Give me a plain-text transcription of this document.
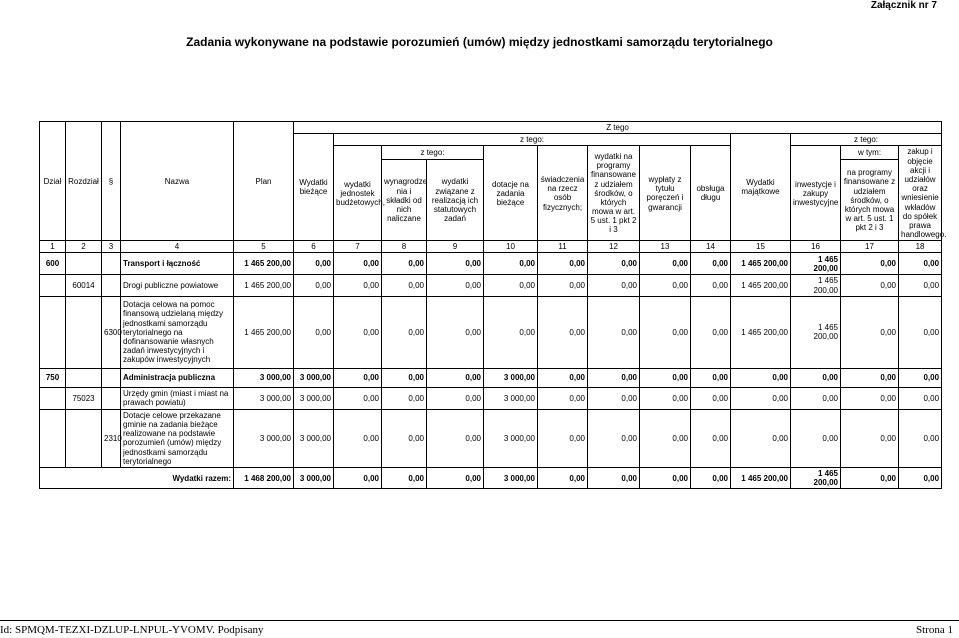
Załącznik nr 7
Zadania wykonywane na podstawie porozumień (umów) między jednostkami samorządu terytorialnego
Dział	Rozdział	§	Nazwa	Plan	Z tego												
					Wydatki bieżące	z tego:								Wydatki majątkowe	z tego:		
						wydatki jednostek budżetowych,	z tego:		dotacje na zadania bieżące	świadczenia na rzecz osób fizycznych;	wydatki na programy finansowane z udziałem środków, o których mowa w art. 5 ust. 1 pkt 2 i 3	wypłaty z tytułu poręczeń i gwarancji	obsługa długu		inwestycje i zakupy inwestycyjne	w tym:	zakup i objęcie akcji i udziałów oraz wniesienie wkładów do spółek prawa handlowego.
							wynagrodze nia i składki od nich naliczane	wydatki związane z realizacją ich statutowych zadań								na programy finansowane z udziałem środków, o których mowa w art. 5 ust. 1 pkt 2 i 3	
1	2	3	4	5	6	7	8	9	10	11	12	13	14	15	16	17	18
600			Transport i łączność	1 465 200,00	0,00	0,00	0,00	0,00	0,00	0,00	0,00	0,00	0,00	1 465 200,00	1 465 200,00	0,00	0,00
	60014		Drogi publiczne powiatowe	1 465 200,00	0,00	0,00	0,00	0,00	0,00	0,00	0,00	0,00	0,00	1 465 200,00	1 465 200,00	0,00	0,00
		6300	Dotacja celowa na pomoc finansową udzielaną między jednostkami samorządu terytorialnego na dofinansowanie własnych zadań inwestycyjnych i zakupów inwestycyjnych	1 465 200,00	0,00	0,00	0,00	0,00	0,00	0,00	0,00	0,00	0,00	1 465 200,00	1 465 200,00	0,00	0,00
750			Administracja publiczna	3 000,00	3 000,00	0,00	0,00	0,00	3 000,00	0,00	0,00	0,00	0,00	0,00	0,00	0,00	0,00
	75023		Urzędy gmin (miast i miast na prawach powiatu)	3 000,00	3 000,00	0,00	0,00	0,00	3 000,00	0,00	0,00	0,00	0,00	0,00	0,00	0,00	0,00
		2310	Dotacje celowe przekazane gminie na zadania bieżące realizowane na podstawie porozumień (umów) między jednostkami samorządu terytorialnego	3 000,00	3 000,00	0,00	0,00	0,00	3 000,00	0,00	0,00	0,00	0,00	0,00	0,00	0,00	0,00
Wydatki razem:				1 468 200,00	3 000,00	0,00	0,00	0,00	3 000,00	0,00	0,00	0,00	0,00	1 465 200,00	1 465 200,00	0,00	0,00
Id: SPMQM-TEZXI-DZLUP-LNPUL-YVOMV. Podpisany	Strona 1
